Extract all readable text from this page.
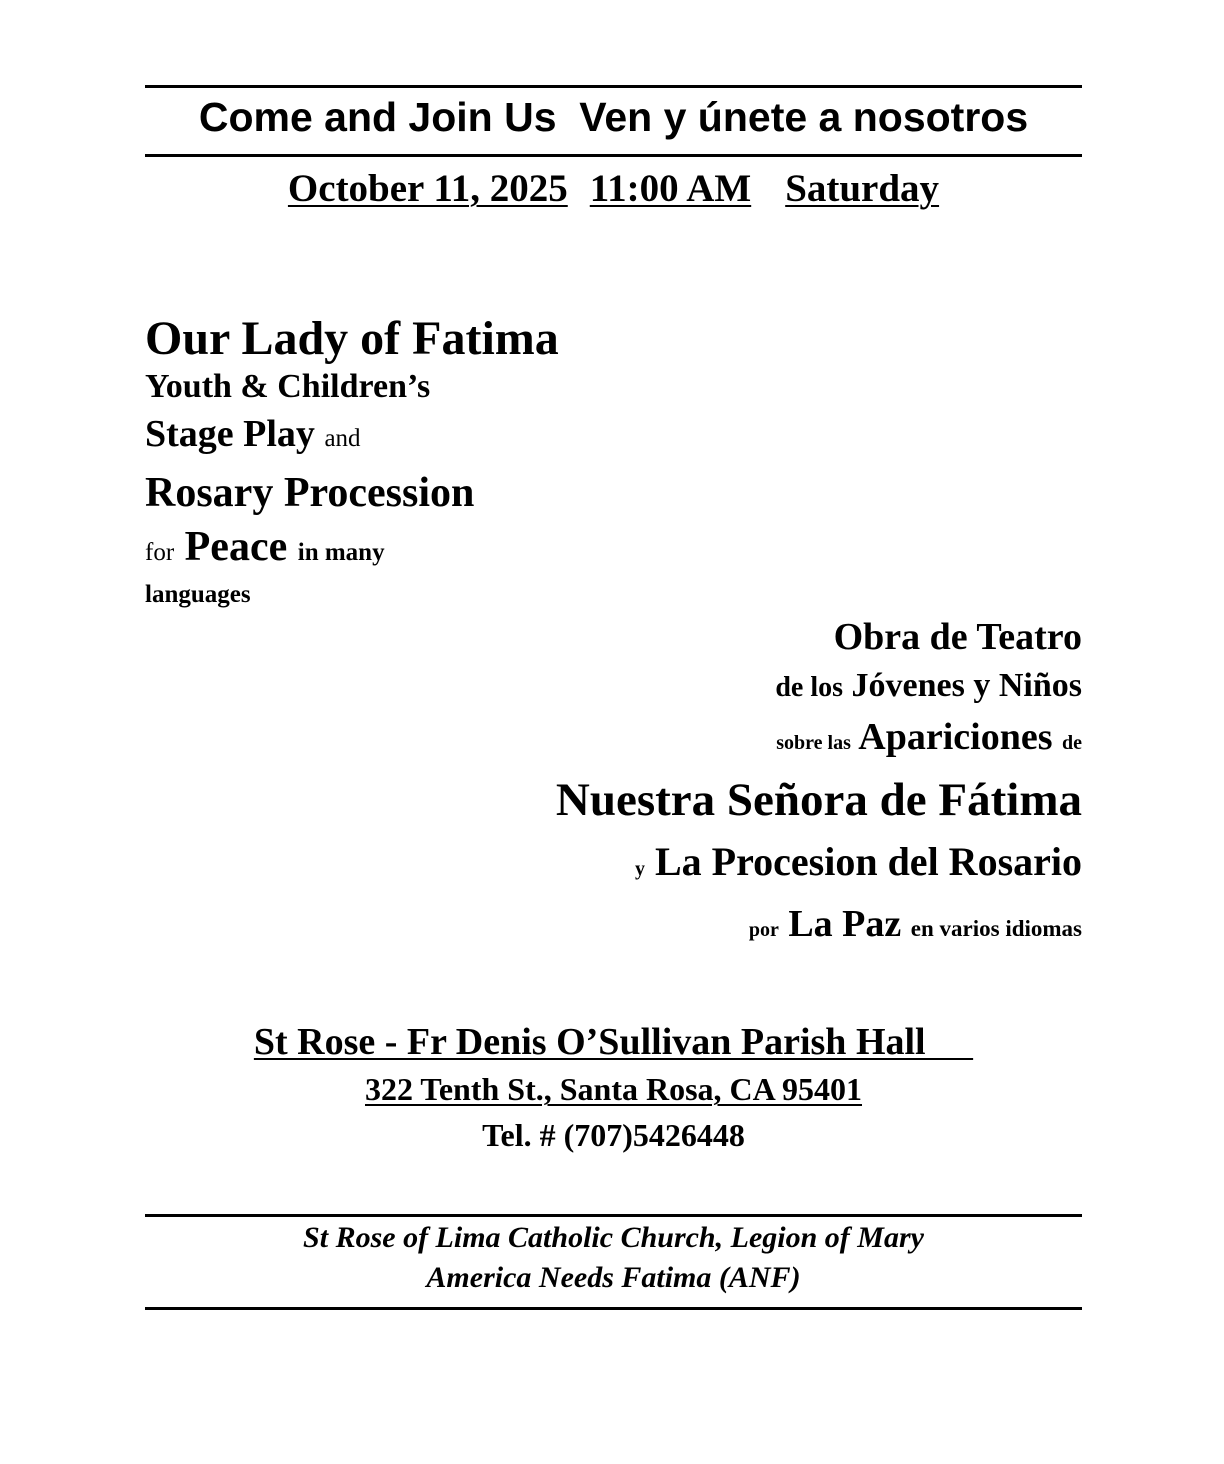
Come and Join Us  Ven y únete a nosotros
October 11, 2025 11:00 AM Saturday
Our Lady of Fatima
Youth & Children’s
Stage Play and
Rosary Procession
for Peace in many
languages
Obra de Teatro
de los Jóvenes y Niños
sobre las Apariciones de
Nuestra Señora de Fátima
y La Procesion del Rosario
por La Paz en varios idiomas
St Rose - Fr Denis O’Sullivan Parish Hall
322 Tenth St., Santa Rosa, CA 95401
Tel. # (707)5426448
St Rose of Lima Catholic Church, Legion of Mary
America Needs Fatima (ANF)
